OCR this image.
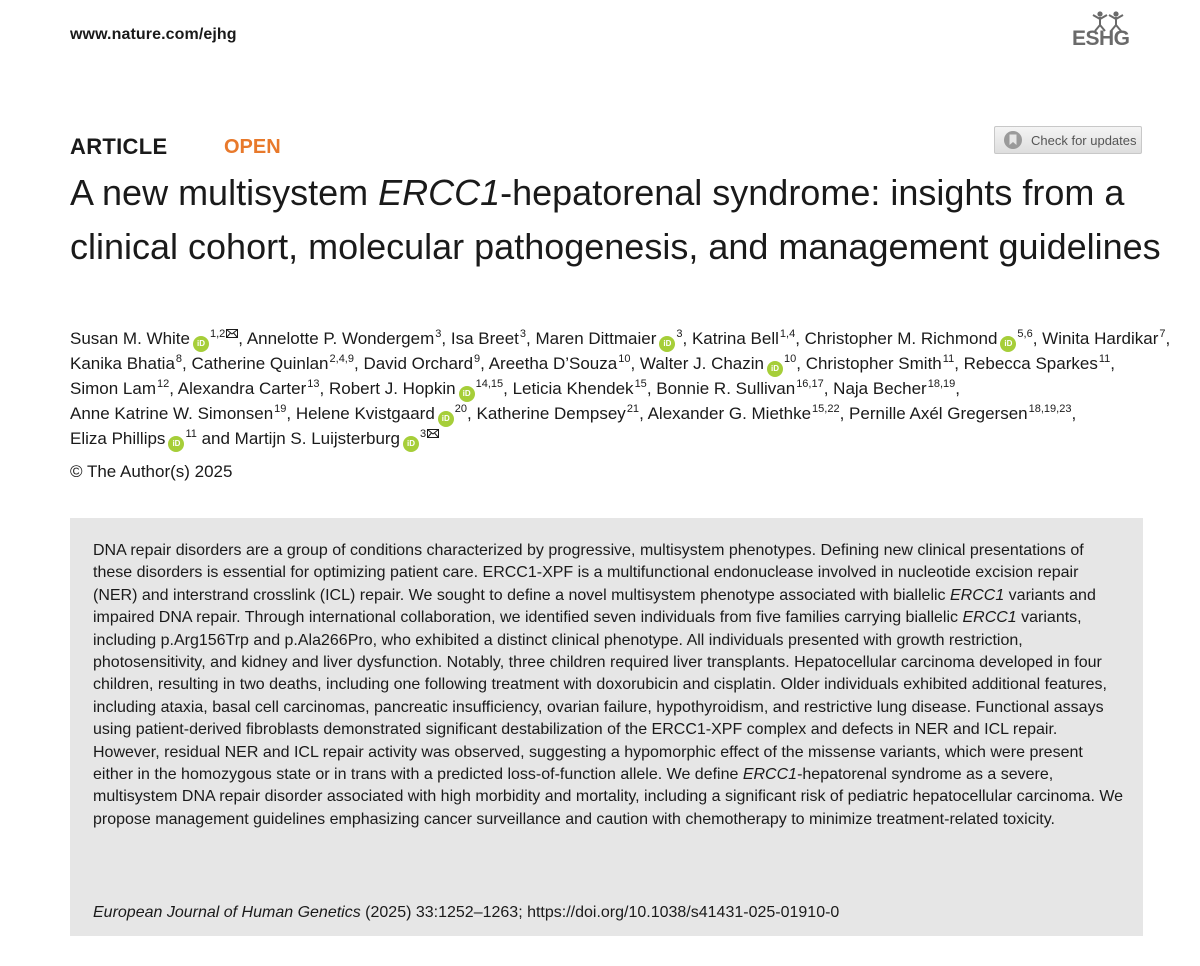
www.nature.com/ejhg	ESHG
ARTICLE	OPEN	Check for updates
A new multisystem ERCC1-hepatorenal syndrome: insights from a clinical cohort, molecular pathogenesis, and management guidelines

Susan M. White iD$^{1,2}$ , Annelotte P. Wondergem$^3$, Isa Breet$^3$, Maren Dittmaier $iD^3$, Katrina Bell$^{1,4}$, Christopher M. Richmond iD$^{5,6}$, Winita Hardikar$^7$, Kanika Bhatia$^8$, Catherine Quinlan$^{2,4,9}$, David Orchard$^9$, Areetha D’Souza$^{10}$, Walter J. Chazin $iD^{10}$, Christopher Smith$^{11}$, Rebecca Sparkes$^{11}$, Simon Lam$^{12}$, Alexandra Carter$^{13}$, Robert J. Hopkin iD$^{14,15}$, Leticia Khendek$^{15}$, Bonnie R. Sullivan$^{16,17}$, Naja Becher$^{18,19}$, Anne Katrine W. Simonsen$^{19}$, Helene Kvistgaard $iD^{20}$, Katherine Dempsey$^{21}$, Alexander G. Miethke$^{15,22}$, Pernille Axél Gregersen$^{18,19,23}$, Eliza Phillips $iD^{11}$ and Martijn S. Luijsterburg $iD^3$

© The Author(s) 2025

DNA repair disorders are a group of conditions characterized by progressive, multisystem phenotypes. Defining new clinical presentations of these disorders is essential for optimizing patient care. ERCC1-XPF is a multifunctional endonuclease involved in nucleotide excision repair (NER) and interstrand crosslink (ICL) repair. We sought to define a novel multisystem phenotype associated with biallelic ERCC1 variants and impaired DNA repair. Through international collaboration, we identified seven individuals from five families carrying biallelic ERCC1 variants, including p.Arg156Trp and p.Ala266Pro, who exhibited a distinct clinical phenotype. All individuals presented with growth restriction, photosensitivity, and kidney and liver dysfunction. Notably, three children required liver transplants. Hepatocellular carcinoma developed in four children, resulting in two deaths, including one following treatment with doxorubicin and cisplatin. Older individuals exhibited additional features, including ataxia, basal cell carcinomas, pancreatic insufficiency, ovarian failure, hypothyroidism, and restrictive lung disease. Functional assays using patient-derived fibroblasts demonstrated significant destabilization of the ERCC1-XPF complex and defects in NER and ICL repair. However, residual NER and ICL repair activity was observed, suggesting a hypomorphic effect of the missense variants, which were present either in the homozygous state or in trans with a predicted loss-of-function allele. We define ERCC1-hepatorenal syndrome as a severe, multisystem DNA repair disorder associated with high morbidity and mortality, including a significant risk of pediatric hepatocellular carcinoma. We propose management guidelines emphasizing cancer surveillance and caution with chemotherapy to minimize treatment-related toxicity.

European Journal of Human Genetics (2025) 33:1252–1263; https://doi.org/10.1038/s41431-025-01910-0
